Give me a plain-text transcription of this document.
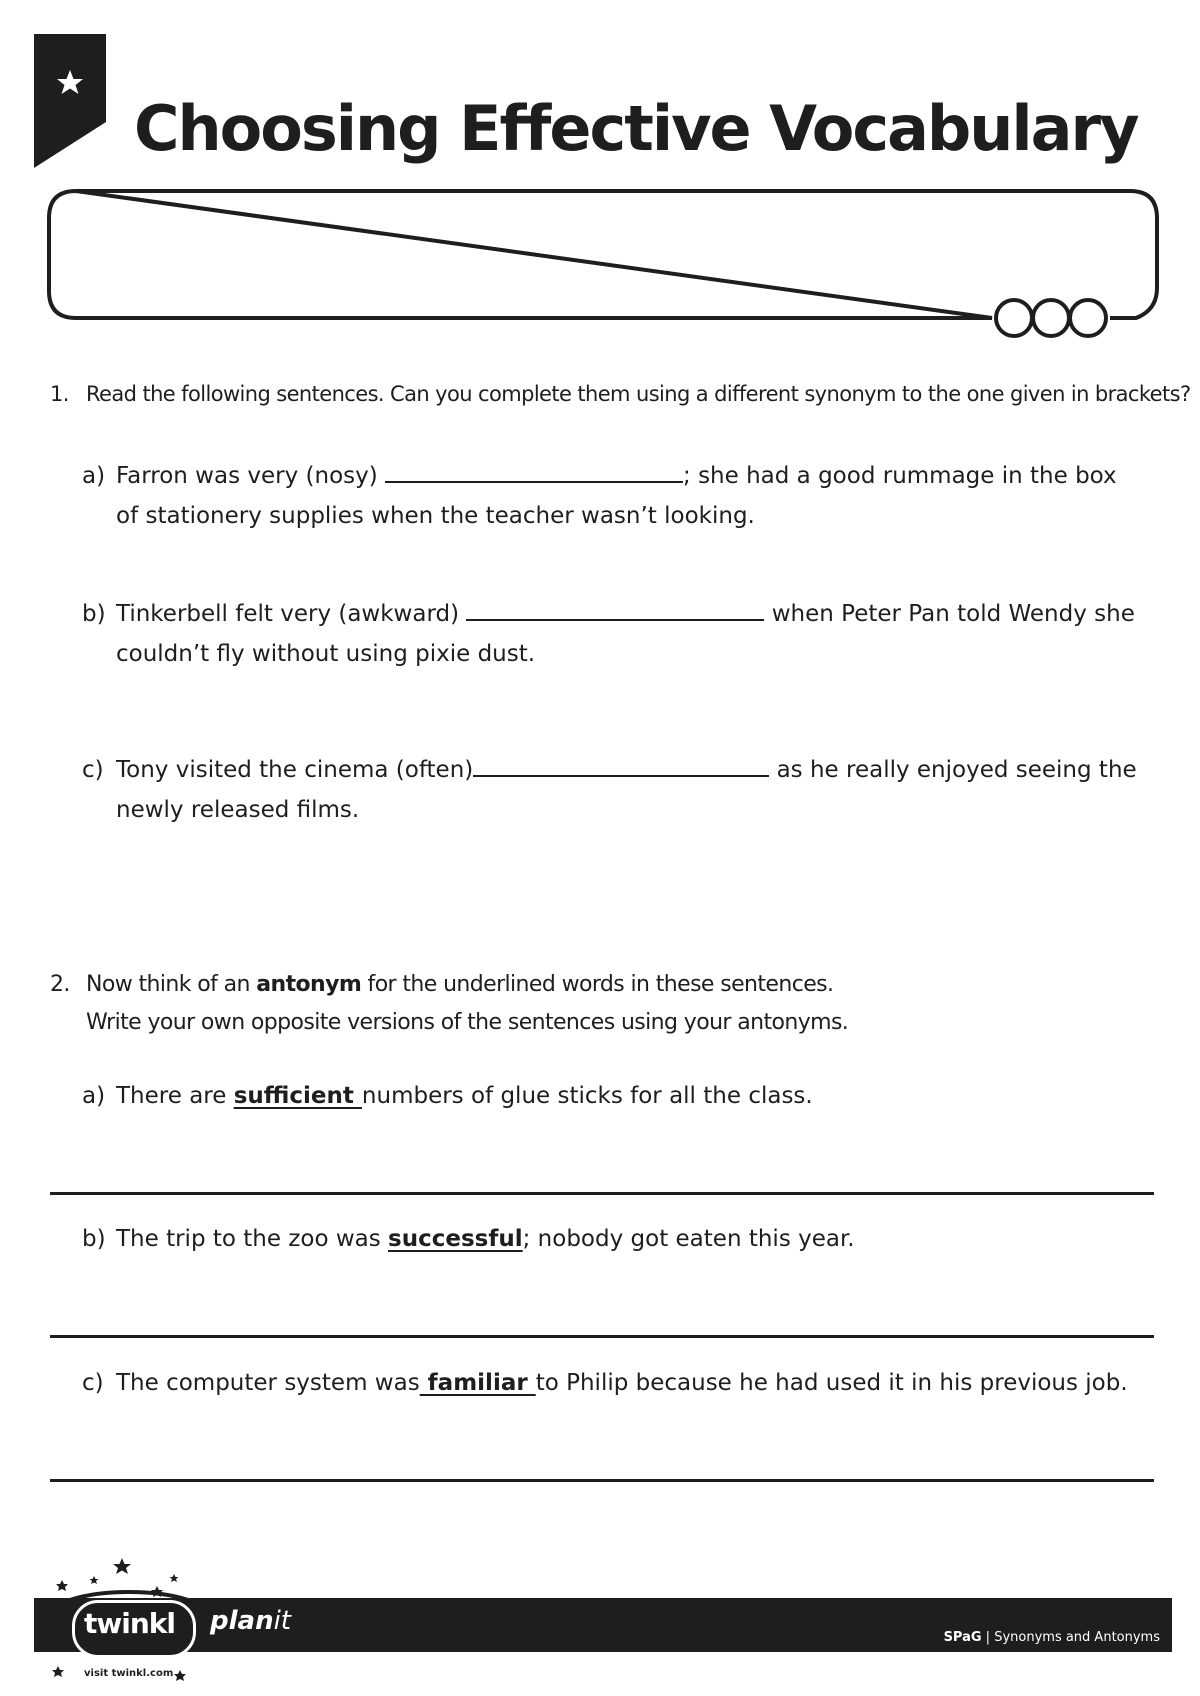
Choosing Effective Vocabulary
1. Read the following sentences. Can you complete them using a different synonym to the one given in brackets?
a) Farron was very (nosy)	; she had a good rummage in the box
of stationery supplies when the teacher wasn’t looking.
b) Tinkerbell felt very (awkward)	when Peter Pan told Wendy she
couldn’t fly without using pixie dust.
c) Tony visited the cinema (often)	as he really enjoyed seeing the
newly released films.
2. Now think of an antonym for the underlined words in these sentences.
Write your own opposite versions of the sentences using your antonyms.
a) There are sufficient numbers of glue sticks for all the class.
b) The trip to the zoo was successful; nobody got eaten this year.
c) The computer system was familiar to Philip because he had used it in his previous job.
twinkl
visit twinkl.com
planit
SPaG | Synonyms and Antonyms
